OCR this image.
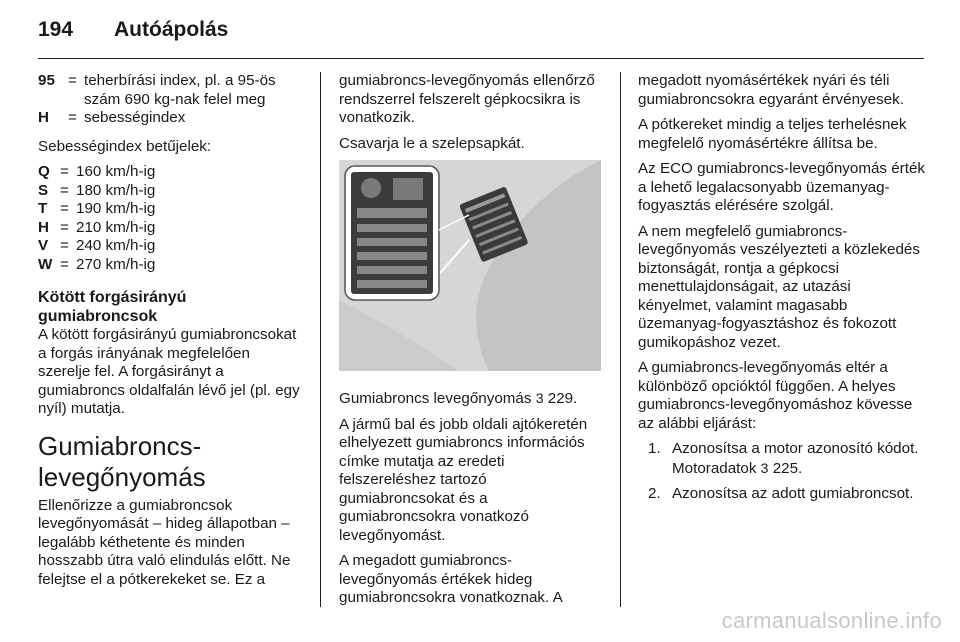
194 Autóápolás
95 = teherbírási index, pl. a 95-ös szám 690 kg-nak felel meg
H	= sebességindex

Sebességindex betűjelek:

Q = 160 km/h-ig
S = 180 km/h-ig
T = 190 km/h-ig
H = 210 km/h-ig
V = 240 km/h-ig
W = 270 km/h-ig
Kötött forgásirányú
gumiabroncsok

A kötött forgásirányú gumiabroncsokat a forgás irányának megfelelően szerelje fel. A forgásirányt a gumiabroncs oldalfalán lévő jel (pl. egy nyíl) mutatja.

Gumiabroncs-
levegőnyomás

Ellenőrizze a gumiabroncsok levegőnyomását – hideg állapotban – legalább kéthetente és minden hosszabb útra való elindulás előtt. Ne felejtse el a pótkerekeket se. Ez a

gumiabroncs-levegőnyomás ellenőrző rendszerrel felszerelt gépkocsikra is vonatkozik.

Csavarja le a szelepsapkát.

Gumiabroncs levegőnyomás 3 229.

A jármű bal és jobb oldali ajtókeretén elhelyezett gumiabroncs információs címke mutatja az eredeti felszereléshez tartozó gumiabroncsokat és a gumiabroncsokra vonatkozó levegőnyomást.

A megadott gumiabroncs-levegőnyomás értékek hideg gumiabroncsokra vonatkoznak. A

megadott nyomásértékek nyári és téli gumiabroncsokra egyaránt érvényesek.

A pótkereket mindig a teljes terhelésnek megfelelő nyomásértékre állítsa be.

Az ECO gumiabroncs-levegőnyomás érték a lehető legalacsonyabb üzemanyag-fogyasztás elérésére szolgál.

A nem megfelelő gumiabroncs-levegőnyomás veszélyezteti a közlekedés biztonságát, rontja a gépkocsi menettulajdonságait, az utazási kényelmet, valamint magasabb üzemanyag-fogyasztáshoz és fokozott gumikopáshoz vezet.

A gumiabroncs-levegőnyomás eltér a különböző opcióktól függően. A helyes gumiabroncs-levegőnyomáshoz kövesse az alábbi eljárást:

1. Azonosítsa a motor azonosító kódot. Motoradatok 3 225.
2. Azonosítsa az adott gumiabroncsot.
carmanualsonline.info
